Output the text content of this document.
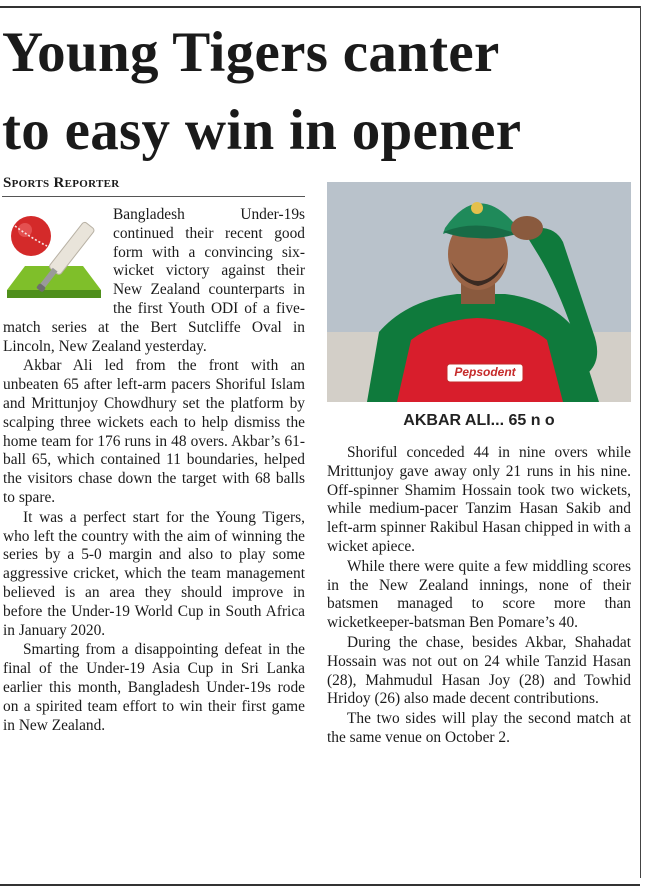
Young Tigers canter
to easy win in opener
Sports Reporter

Bangladesh Under-19s continued their recent good form with a convincing six-wicket victory against their New Zealand counterparts in the first Youth ODI of a five-match series at the Bert Sutcliffe Oval in Lincoln, New Zealand yesterday.

Akbar Ali led from the front with an unbeaten 65 after left-arm pacers Shoriful Islam and Mrittunjoy Chowdhury set the platform by scalping three wickets each to help dismiss the home team for 176 runs in 48 overs. Akbar’s 61-ball 65, which contained 11 boundaries, helped the visitors chase down the target with 68 balls to spare.

It was a perfect start for the Young Tigers, who left the country with the aim of winning the series by a 5-0 margin and also to play some aggressive cricket, which the team management believed is an area they should improve in before the Under-19 World Cup in South Africa in January 2020.

Smarting from a disappointing defeat in the final of the Under-19 Asia Cup in Sri Lanka earlier this month, Bangladesh Under-19s rode on a spirited team effort to win their first game in New Zealand.

Pepsodent
AKBAR ALI... 65 n o

Shoriful conceded 44 in nine overs while Mrittunjoy gave away only 21 runs in his nine. Off-spinner Shamim Hossain took two wickets, while medium-pacer Tanzim Hasan Sakib and left-arm spinner Rakibul Hasan chipped in with a wicket apiece.

While there were quite a few middling scores in the New Zealand innings, none of their batsmen managed to score more than wicketkeeper-batsman Ben Pomare’s 40.

During the chase, besides Akbar, Shahadat Hossain was not out on 24 while Tanzid Hasan (28), Mahmudul Hasan Joy (28) and Towhid Hridoy (26) also made decent contributions.

The two sides will play the second match at the same venue on October 2.
